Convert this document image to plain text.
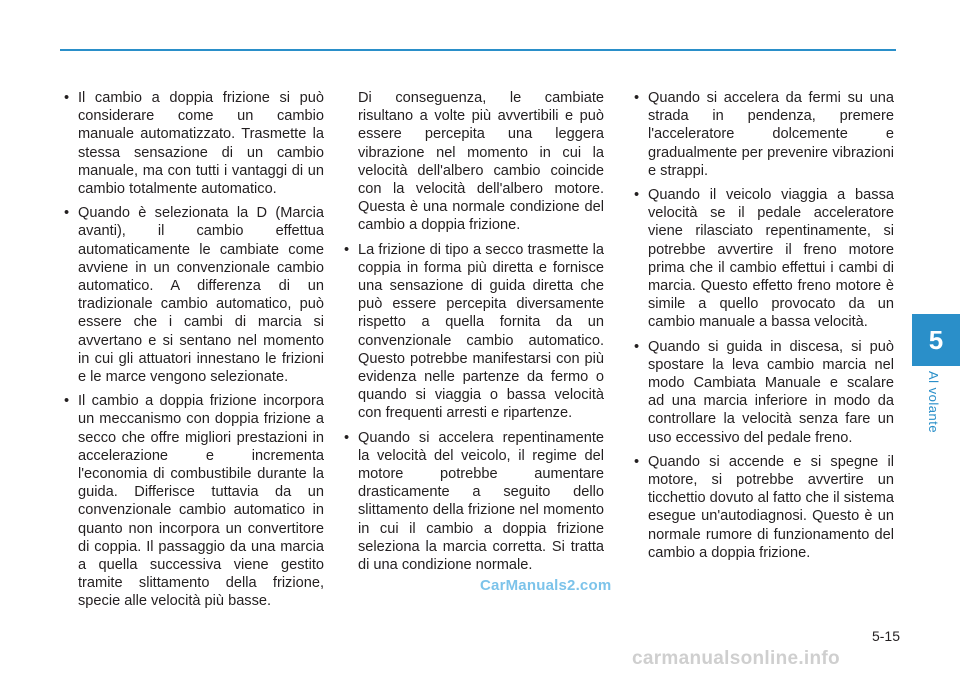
• Il cambio a doppia frizione si può considerare come un cambio manuale automatizzato. Trasmette la stessa sensazione di un cambio manuale, ma con tutti i vantaggi di un cambio totalmente automatico.
• Quando è selezionata la D (Marcia avanti), il cambio effettua automaticamente le cambiate come avviene in un convenzionale cambio automatico. A differenza di un tradizionale cambio automatico, può essere che i cambi di marcia si avvertano e si sentano nel momento in cui gli attuatori innestano le frizioni e le marce vengono selezionate.
• Il cambio a doppia frizione incorpora un meccanismo con doppia frizione a secco che offre migliori prestazioni in accelerazione e incrementa l'economia di combustibile durante la guida. Differisce tuttavia da un convenzionale cambio automatico in quanto non incorpora un convertitore di coppia. Il passaggio da una marcia a quella successiva viene gestito tramite slittamento della frizione, specie alle velocità più basse.

Di conseguenza, le cambiate risultano a volte più avvertibili e può essere percepita una leggera vibrazione nel momento in cui la velocità dell'albero cambio coincide con la velocità dell'albero motore. Questa è una normale condizione del cambio a doppia frizione.

• La frizione di tipo a secco trasmette la coppia in forma più diretta e fornisce una sensazione di guida diretta che può essere percepita diversamente rispetto a quella fornita da un convenzionale cambio automatico. Questo potrebbe manifestarsi con più evidenza nelle partenze da fermo o quando si viaggia o bassa velocità con frequenti arresti e ripartenze.
• Quando si accelera repentinamente la velocità del veicolo, il regime del motore potrebbe aumentare drasticamente a seguito dello slittamento della frizione nel momento in cui il cambio a doppia frizione seleziona la marcia corretta. Si tratta di una condizione normale.
• Quando si accelera da fermi su una strada in pendenza, premere l'acceleratore dolcemente e gradualmente per prevenire vibrazioni e strappi.
• Quando il veicolo viaggia a bassa velocità se il pedale acceleratore viene rilasciato repentinamente, si potrebbe avvertire il freno motore prima che il cambio effettui i cambi di marcia. Questo effetto freno motore è simile a quello provocato da un cambio manuale a bassa velocità.
• Quando si guida in discesa, si può spostare la leva cambio marcia nel modo Cambiata Manuale e scalare ad una marcia inferiore in modo da controllare la velocità senza fare un uso eccessivo del pedale freno.
• Quando si accende e si spegne il motore, si potrebbe avvertire un ticchettio dovuto al fatto che il sistema esegue un'autodiagnosi. Questo è un normale rumore di funzionamento del cambio a doppia frizione.
5
Al volante
CarManuals2.com
5-15
carmanualsonline.info
